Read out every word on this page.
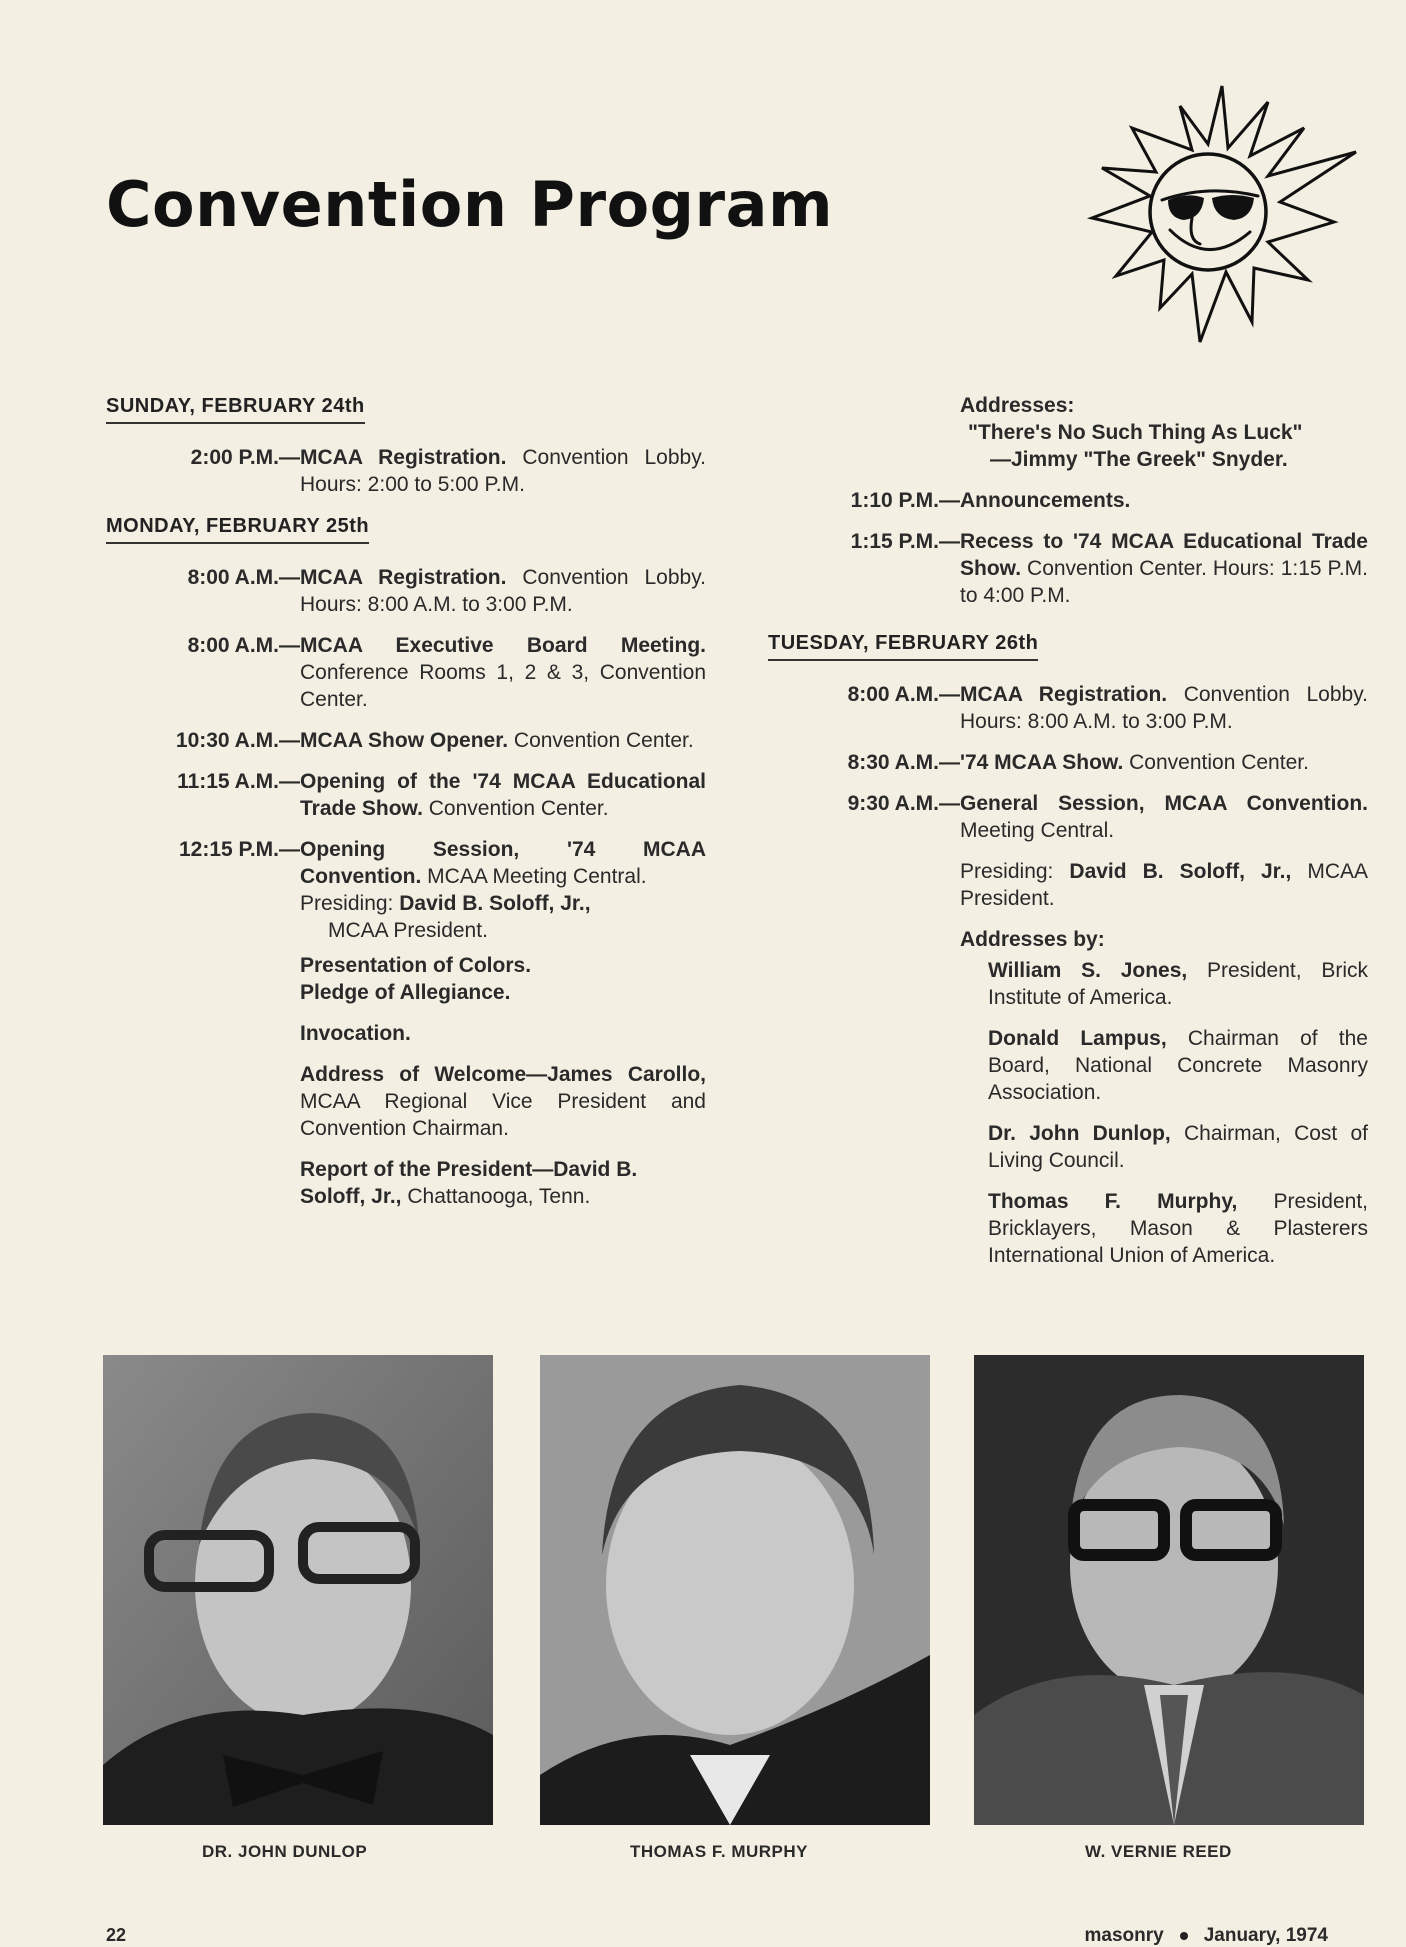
Convention Program
SUNDAY, FEBRUARY 24th
2:00 P.M.— MCAA Registration. Convention Lobby. Hours: 2:00 to 5:00 P.M.
MONDAY, FEBRUARY 25th
8:00 A.M.— MCAA Registration. Convention Lobby. Hours: 8:00 A.M. to 3:00 P.M.
8:00 A.M.— MCAA Executive Board Meeting. Conference Rooms 1, 2 & 3, Convention Center.
10:30 A.M.— MCAA Show Opener. Convention Center.
11:15 A.M.— Opening of the '74 MCAA Educational Trade Show. Convention Center.
12:15 P.M.— Opening Session, '74 MCAA Convention. MCAA Meeting Central.
Presiding: David B. Soloff, Jr.,
MCAA President.
Presentation of Colors.
Pledge of Allegiance.
Invocation.
Address of Welcome—James Carollo, MCAA Regional Vice President and Convention Chairman.
Report of the President—David B. Soloff, Jr., Chattanooga, Tenn.
Addresses:
"There's No Such Thing As Luck"
—Jimmy "The Greek" Snyder.
1:10 P.M.— Announcements.
1:15 P.M.— Recess to '74 MCAA Educational Trade Show. Convention Center. Hours: 1:15 P.M. to 4:00 P.M.
TUESDAY, FEBRUARY 26th
8:00 A.M.— MCAA Registration. Convention Lobby. Hours: 8:00 A.M. to 3:00 P.M.
8:30 A.M.— '74 MCAA Show. Convention Center.
9:30 A.M.— General Session, MCAA Convention. Meeting Central.
Presiding: David B. Soloff, Jr., MCAA President.
Addresses by:
William S. Jones, President, Brick Institute of America.
Donald Lampus, Chairman of the Board, National Concrete Masonry Association.
Dr. John Dunlop, Chairman, Cost of Living Council.
Thomas F. Murphy, President, Bricklayers, Mason & Plasterers International Union of America.
DR. JOHN DUNLOP	THOMAS F. MURPHY	W. VERNIE REED
22	masonry January, 1974
